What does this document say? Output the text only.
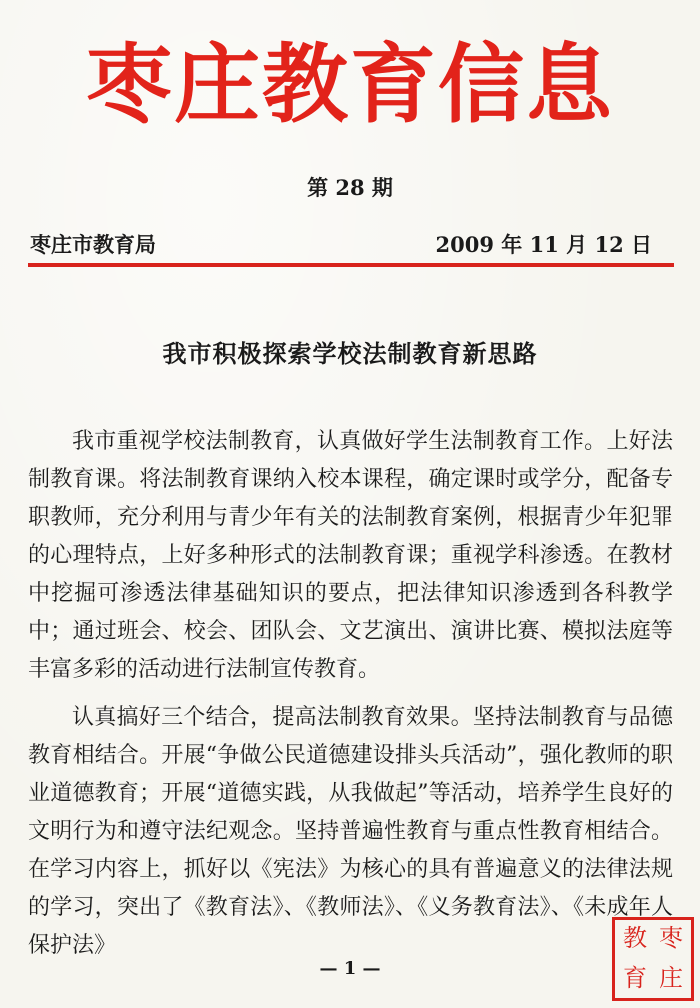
枣庄教育信息
第 28 期
枣庄市教育局	2009 年 11 月 12 日
我市积极探索学校法制教育新思路

我市重视学校法制教育，认真做好学生法制教育工作。上好法制教育课。将法制教育课纳入校本课程，确定课时或学分，配备专职教师，充分利用与青少年有关的法制教育案例，根据青少年犯罪的心理特点，上好多种形式的法制教育课；重视学科渗透。在教材中挖掘可渗透法律基础知识的要点，把法律知识渗透到各科教学中；通过班会、校会、团队会、文艺演出、演讲比赛、模拟法庭等丰富多彩的活动进行法制宣传教育。

认真搞好三个结合，提高法制教育效果。坚持法制教育与品德教育相结合。开展“争做公民道德建设排头兵活动”，强化教师的职业道德教育；开展“道德实践，从我做起”等活动，培养学生良好的文明行为和遵守法纪观念。坚持普遍性教育与重点性教育相结合。在学习内容上，抓好以《宪法》为核心的具有普遍意义的法律法规的学习，突出了《教育法》、《教师法》、《义务教育法》、《未成年人保护法》

— 1 —
枣
庄
教
育
